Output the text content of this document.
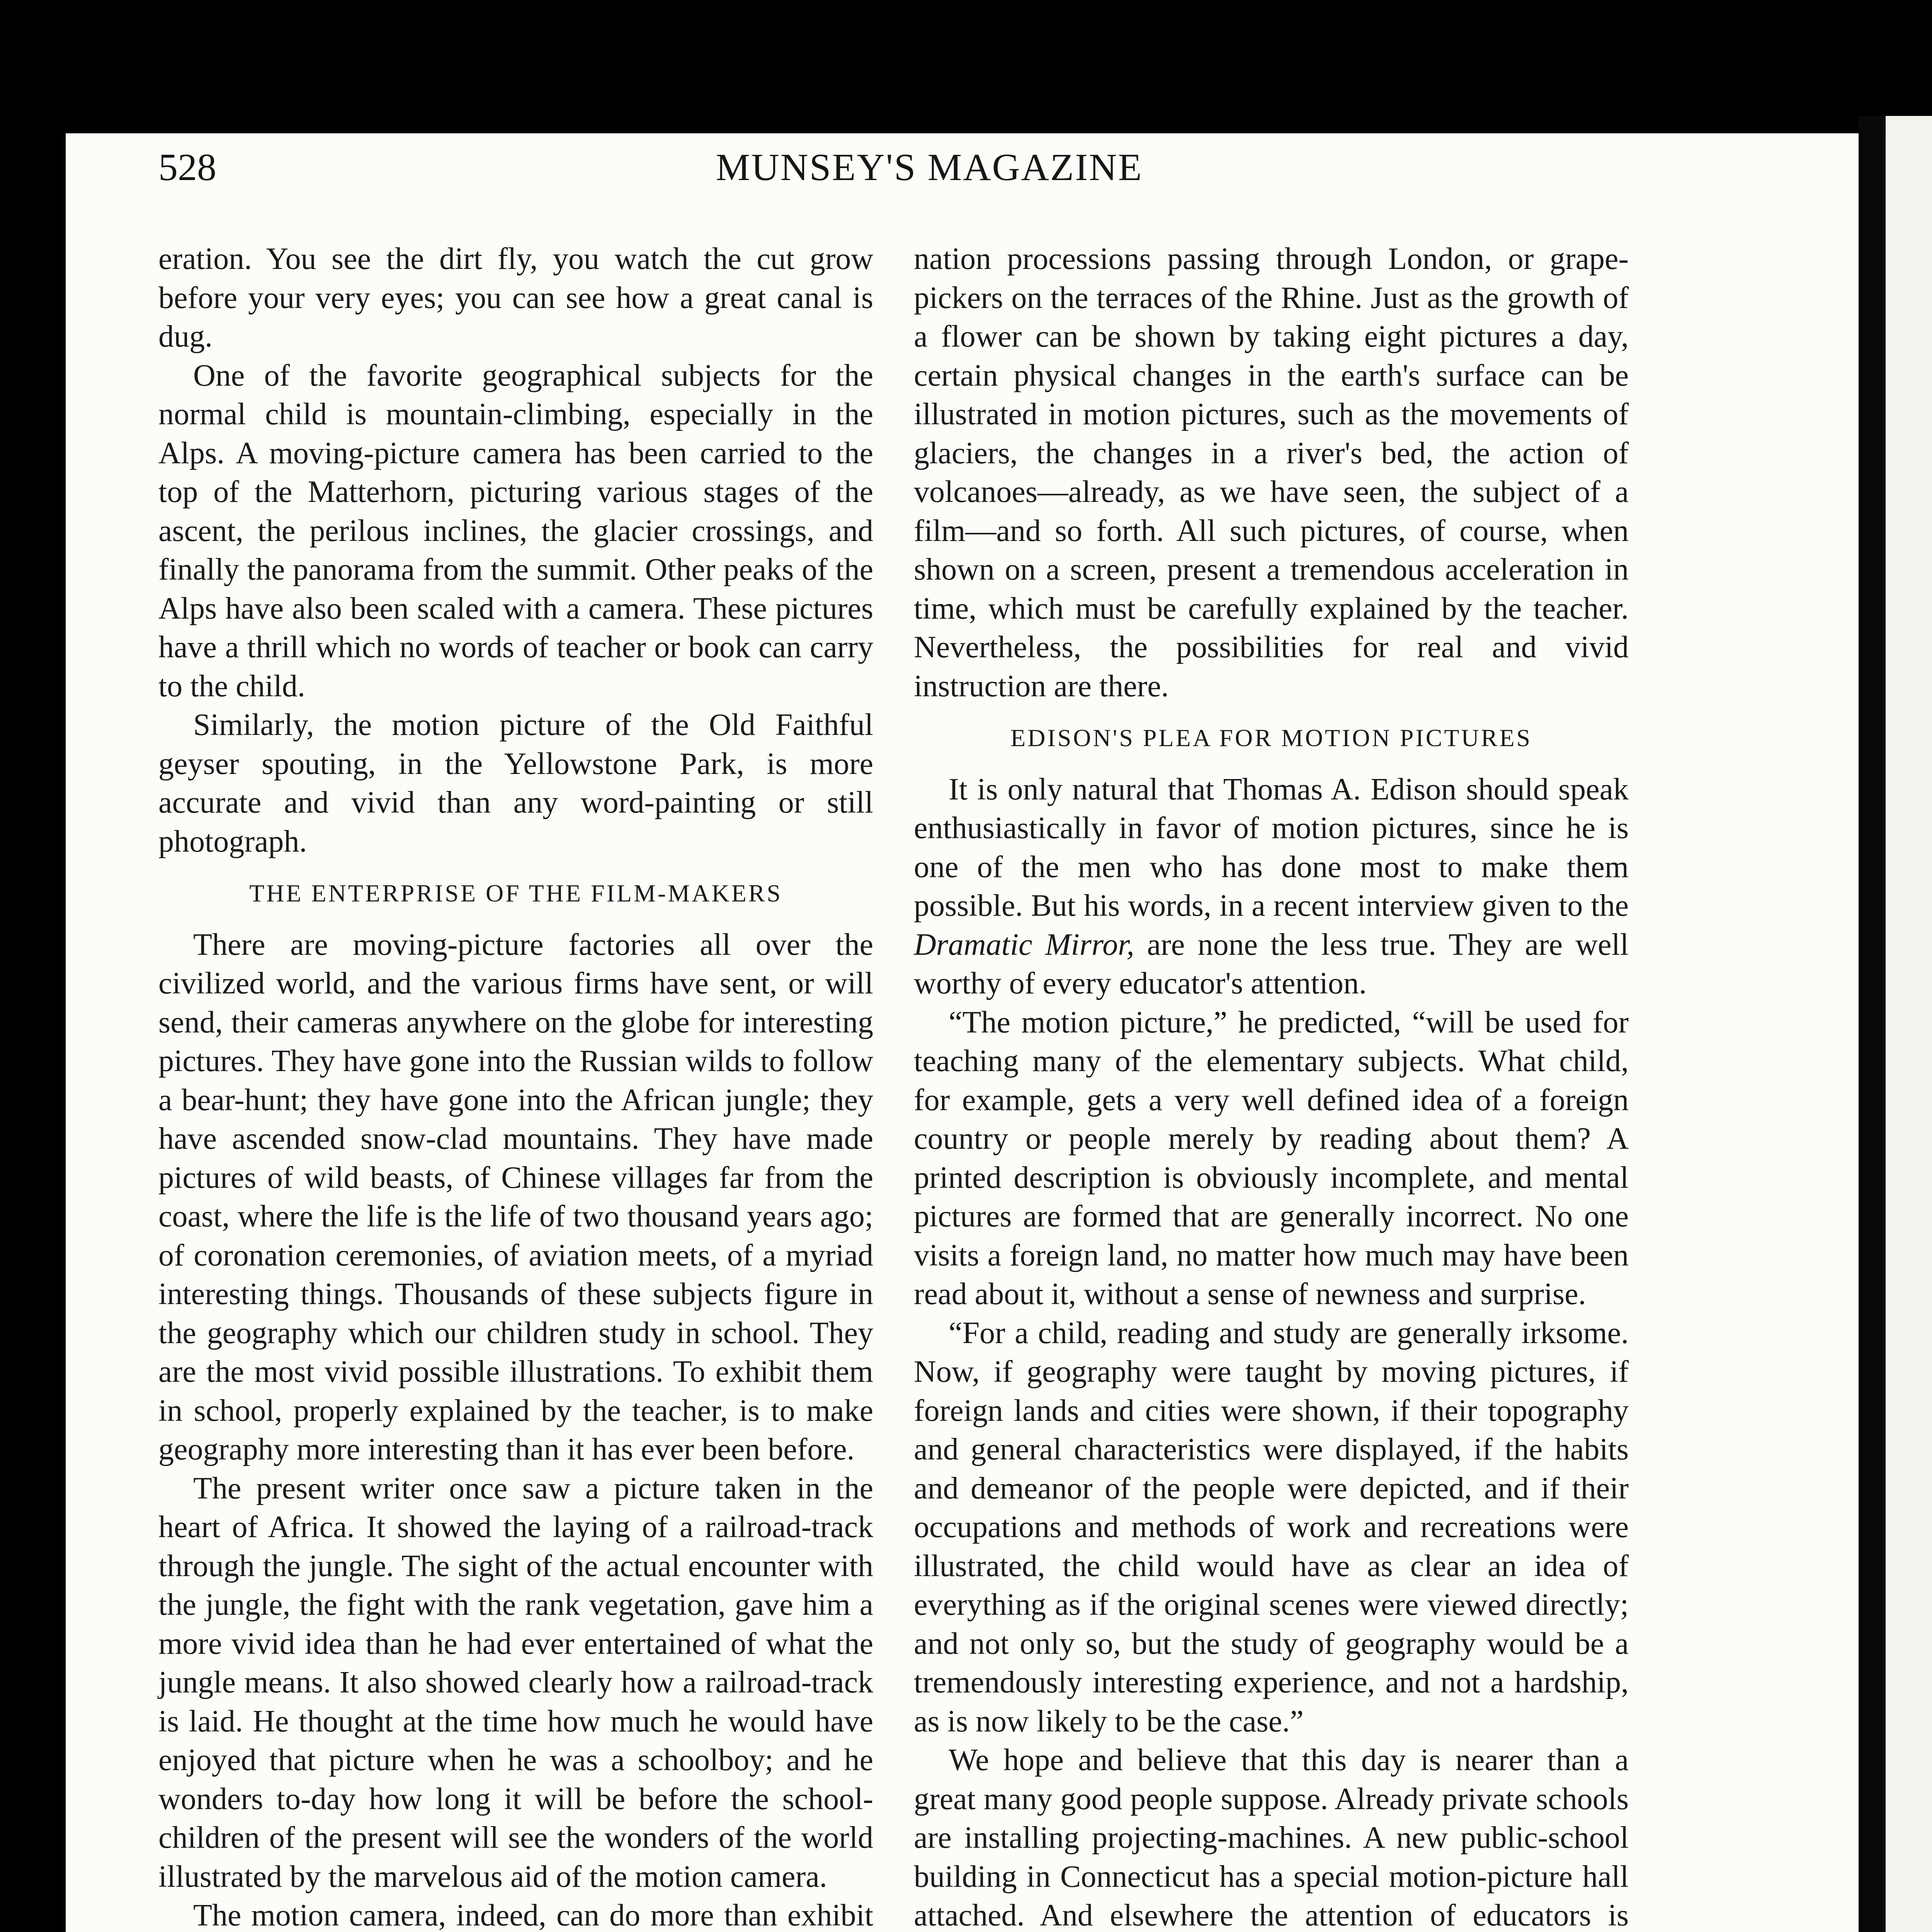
528	MUNSEY'S MAGAZINE

eration. You see the dirt fly, you watch the cut grow before your very eyes; you can see how a great canal is dug.

One of the favorite geographical subjects for the normal child is mountain-climbing, especially in the Alps. A moving-picture camera has been carried to the top of the Matterhorn, picturing various stages of the ascent, the perilous inclines, the glacier crossings, and finally the panorama from the summit. Other peaks of the Alps have also been scaled with a camera. These pictures have a thrill which no words of teacher or book can carry to the child.

Similarly, the motion picture of the Old Faithful geyser spouting, in the Yellowstone Park, is more accurate and vivid than any word-painting or still photograph.

THE ENTERPRISE OF THE FILM-MAKERS

There are moving-picture factories all over the civilized world, and the various firms have sent, or will send, their cameras anywhere on the globe for interesting pictures. They have gone into the Russian wilds to follow a bear-hunt; they have gone into the African jungle; they have ascended snow-clad mountains. They have made pictures of wild beasts, of Chinese villages far from the coast, where the life is the life of two thousand years ago; of coronation ceremonies, of aviation meets, of a myriad interesting things. Thousands of these subjects figure in the geography which our children study in school. They are the most vivid possible illustrations. To exhibit them in school, properly explained by the teacher, is to make geography more interesting than it has ever been before.

The present writer once saw a picture taken in the heart of Africa. It showed the laying of a railroad-track through the jungle. The sight of the actual encounter with the jungle, the fight with the rank vegetation, gave him a more vivid idea than he had ever entertained of what the jungle means. It also showed clearly how a railroad-track is laid. He thought at the time how much he would have enjoyed that picture when he was a schoolboy; and he wonders to-day how long it will be before the school-children of the present will see the wonders of the world illustrated by the marvelous aid of the motion camera.

The motion camera, indeed, can do more than exhibit

nation processions passing through London, or grape-pickers on the terraces of the Rhine. Just as the growth of a flower can be shown by taking eight pictures a day, certain physical changes in the earth's surface can be illustrated in motion pictures, such as the movements of glaciers, the changes in a river's bed, the action of volcanoes—already, as we have seen, the subject of a film—and so forth. All such pictures, of course, when shown on a screen, present a tremendous acceleration in time, which must be carefully explained by the teacher. Nevertheless, the possibilities for real and vivid instruction are there.

EDISON'S PLEA FOR MOTION PICTURES

It is only natural that Thomas A. Edison should speak enthusiastically in favor of motion pictures, since he is one of the men who has done most to make them possible. But his words, in a recent interview given to the Dramatic Mirror, are none the less true. They are well worthy of every educator's attention.

“The motion picture,” he predicted, “will be used for teaching many of the elementary subjects. What child, for example, gets a very well defined idea of a foreign country or people merely by reading about them? A printed description is obviously incomplete, and mental pictures are formed that are generally incorrect. No one visits a foreign land, no matter how much may have been read about it, without a sense of newness and surprise.

“For a child, reading and study are generally irksome. Now, if geography were taught by moving pictures, if foreign lands and cities were shown, if their topography and general characteristics were displayed, if the habits and demeanor of the people were depicted, and if their occupations and methods of work and recreations were illustrated, the child would have as clear an idea of everything as if the original scenes were viewed directly; and not only so, but the study of geography would be a tremendously interesting experience, and not a hardship, as is now likely to be the case.”

We hope and believe that this day is nearer than a great many good people suppose. Already private schools are installing projecting-machines. A new public-school building in Connecticut has a special motion-picture hall attached. And elsewhere the attention of educators is
